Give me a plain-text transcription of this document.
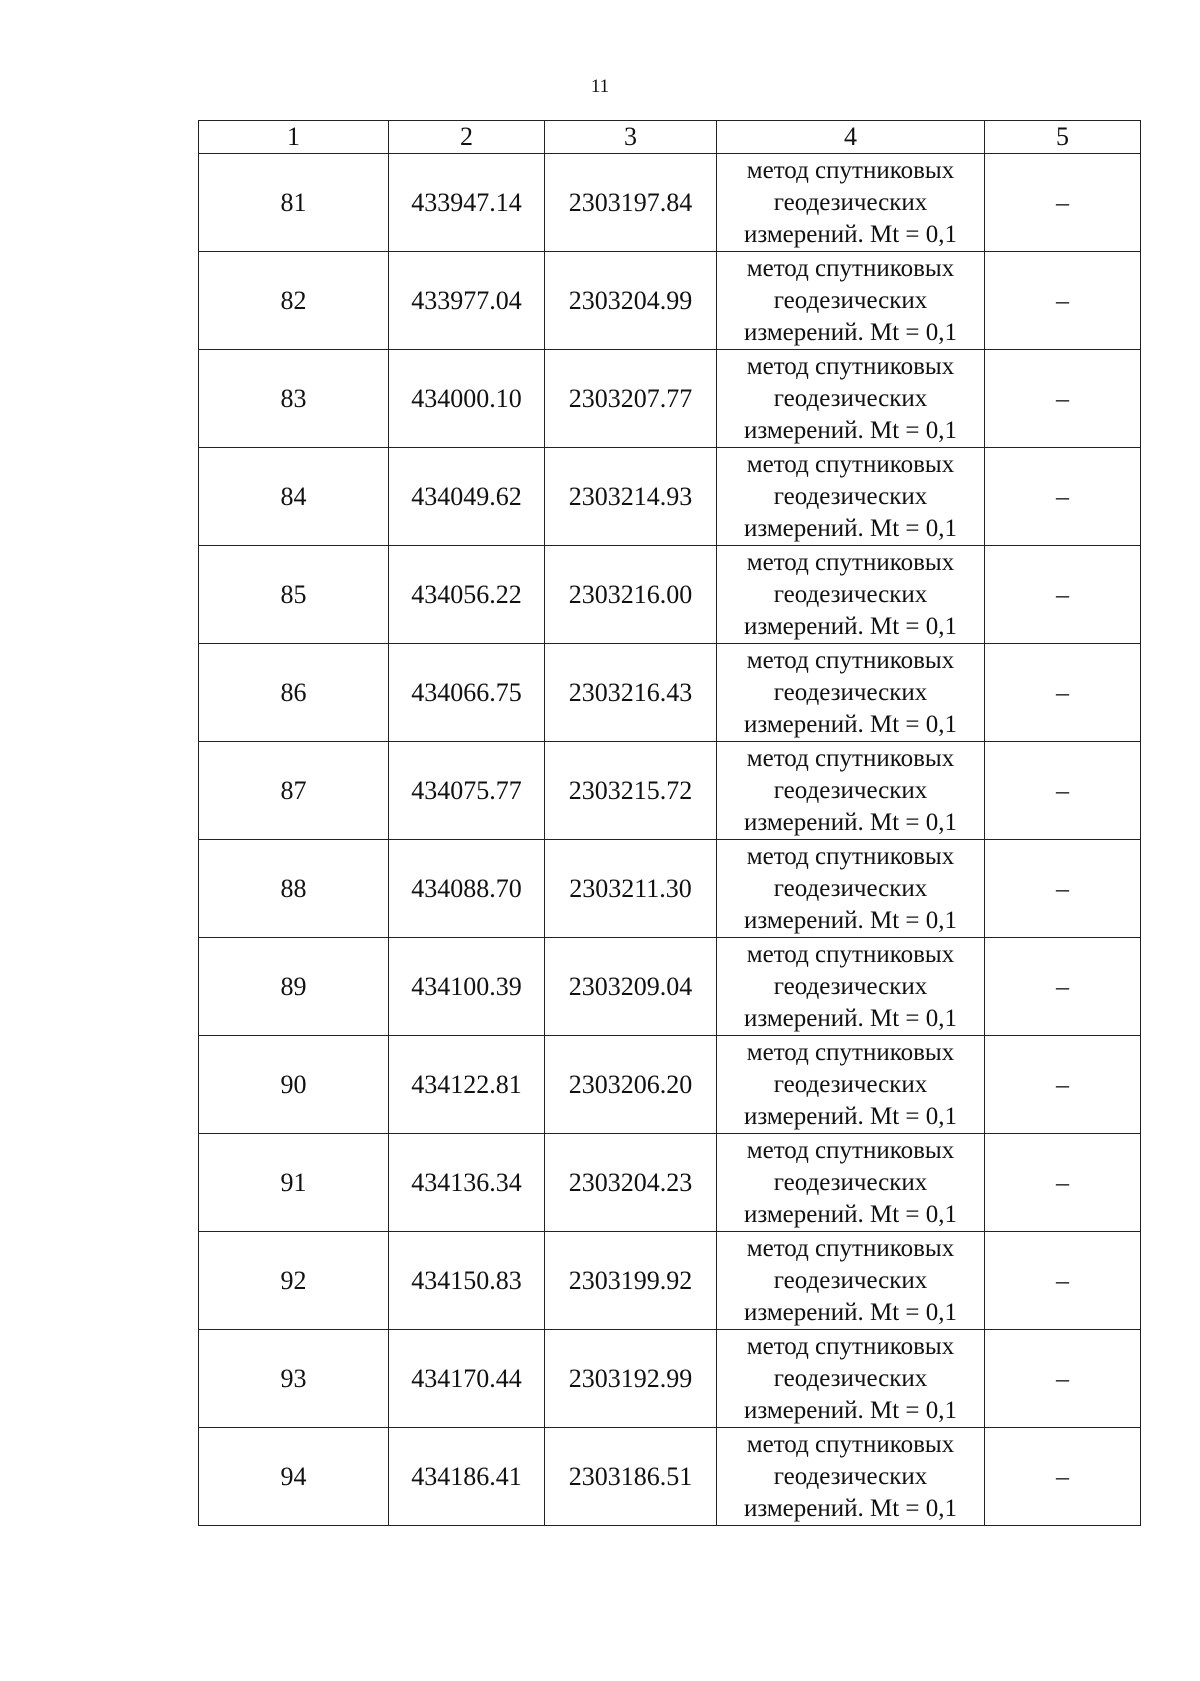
11
1	2	3	4	5
81	433947.14	2303197.84	метод спутниковых
геодезических
измерений. Mt = 0,1	–
82	433977.04	2303204.99	метод спутниковых
геодезических
измерений. Mt = 0,1	–
83	434000.10	2303207.77	метод спутниковых
геодезических
измерений. Mt = 0,1	–
84	434049.62	2303214.93	метод спутниковых
геодезических
измерений. Mt = 0,1	–
85	434056.22	2303216.00	метод спутниковых
геодезических
измерений. Mt = 0,1	–
86	434066.75	2303216.43	метод спутниковых
геодезических
измерений. Mt = 0,1	–
87	434075.77	2303215.72	метод спутниковых
геодезических
измерений. Mt = 0,1	–
88	434088.70	2303211.30	метод спутниковых
геодезических
измерений. Mt = 0,1	–
89	434100.39	2303209.04	метод спутниковых
геодезических
измерений. Mt = 0,1	–
90	434122.81	2303206.20	метод спутниковых
геодезических
измерений. Mt = 0,1	–
91	434136.34	2303204.23	метод спутниковых
геодезических
измерений. Mt = 0,1	–
92	434150.83	2303199.92	метод спутниковых
геодезических
измерений. Mt = 0,1	–
93	434170.44	2303192.99	метод спутниковых
геодезических
измерений. Mt = 0,1	–
94	434186.41	2303186.51	метод спутниковых
геодезических
измерений. Mt = 0,1	–
